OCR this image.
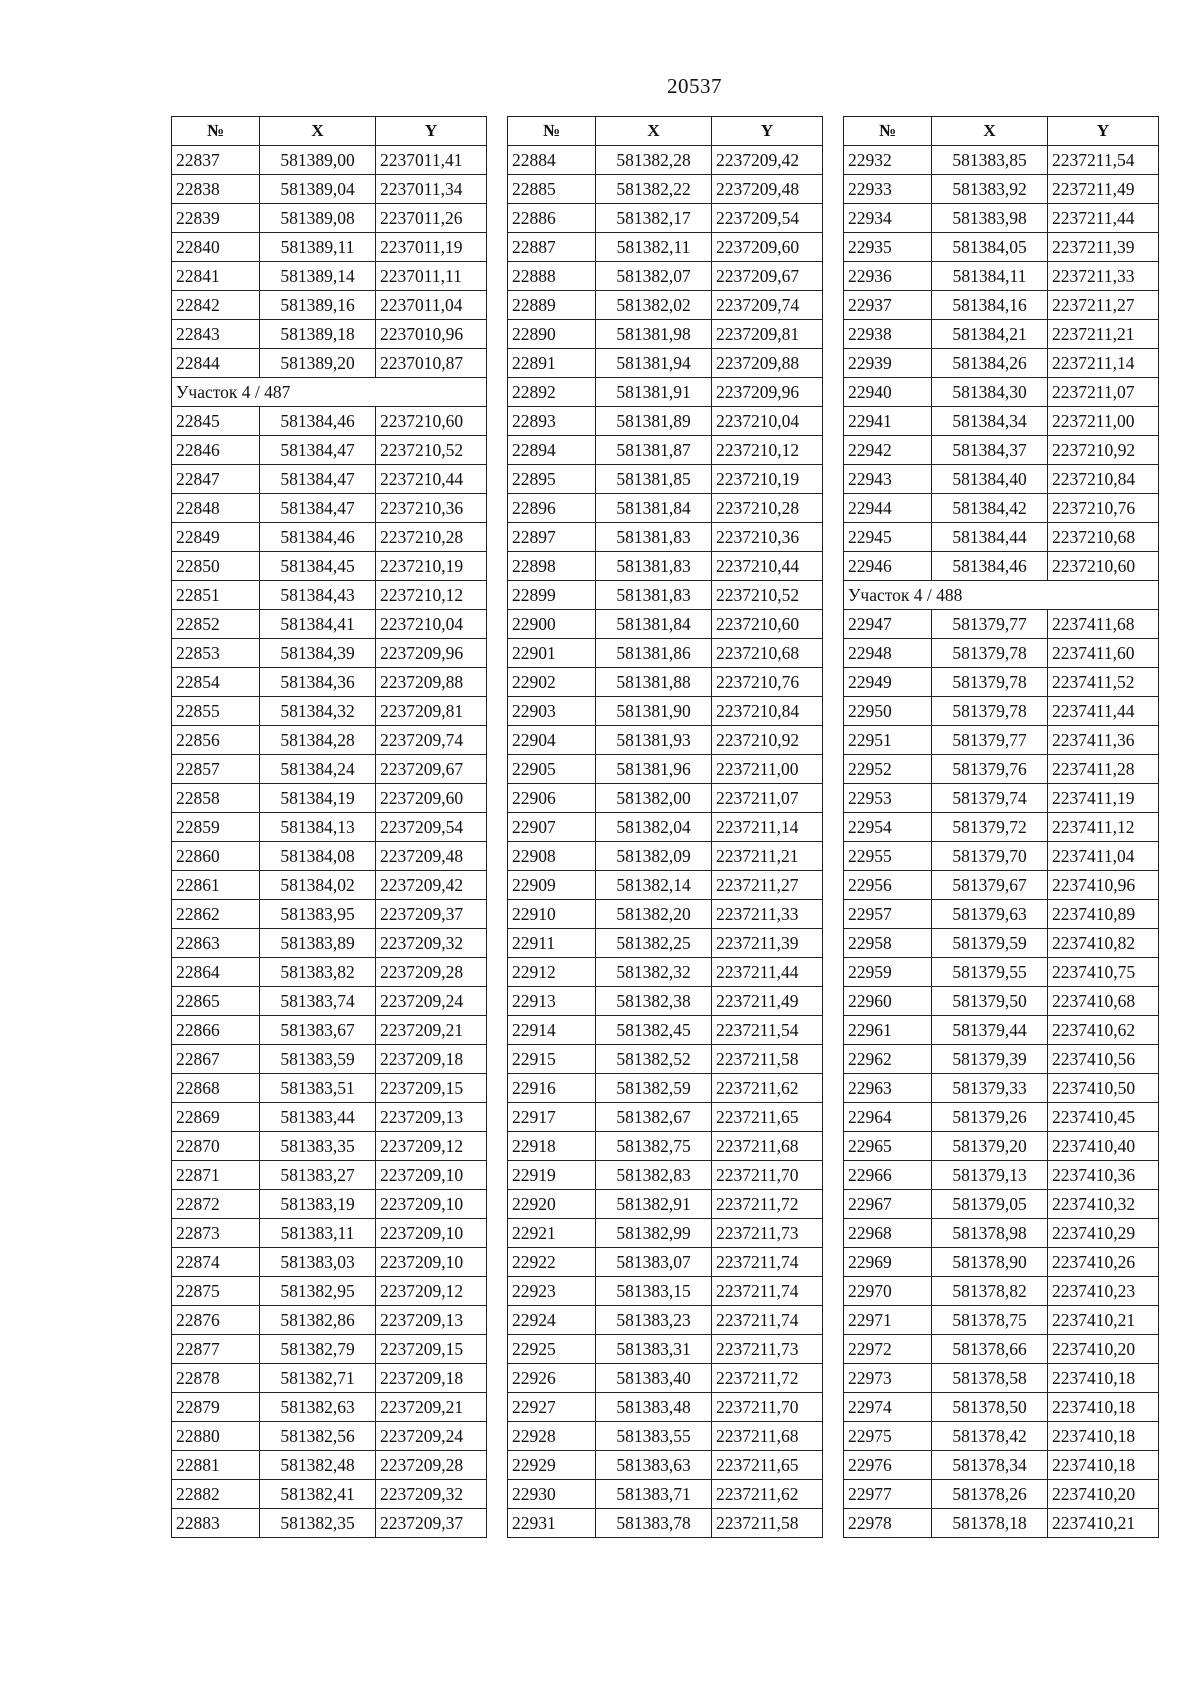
20537
№	X	Y
22837	581389,00	2237011,41
22838	581389,04	2237011,34
22839	581389,08	2237011,26
22840	581389,11	2237011,19
22841	581389,14	2237011,11
22842	581389,16	2237011,04
22843	581389,18	2237010,96
22844	581389,20	2237010,87
Участок 4 / 487		
22845	581384,46	2237210,60
22846	581384,47	2237210,52
22847	581384,47	2237210,44
22848	581384,47	2237210,36
22849	581384,46	2237210,28
22850	581384,45	2237210,19
22851	581384,43	2237210,12
22852	581384,41	2237210,04
22853	581384,39	2237209,96
22854	581384,36	2237209,88
22855	581384,32	2237209,81
22856	581384,28	2237209,74
22857	581384,24	2237209,67
22858	581384,19	2237209,60
22859	581384,13	2237209,54
22860	581384,08	2237209,48
22861	581384,02	2237209,42
22862	581383,95	2237209,37
22863	581383,89	2237209,32
22864	581383,82	2237209,28
22865	581383,74	2237209,24
22866	581383,67	2237209,21
22867	581383,59	2237209,18
22868	581383,51	2237209,15
22869	581383,44	2237209,13
22870	581383,35	2237209,12
22871	581383,27	2237209,10
22872	581383,19	2237209,10
22873	581383,11	2237209,10
22874	581383,03	2237209,10
22875	581382,95	2237209,12
22876	581382,86	2237209,13
22877	581382,79	2237209,15
22878	581382,71	2237209,18
22879	581382,63	2237209,21
22880	581382,56	2237209,24
22881	581382,48	2237209,28
22882	581382,41	2237209,32
22883	581382,35	2237209,37
№	X	Y
22884	581382,28	2237209,42
22885	581382,22	2237209,48
22886	581382,17	2237209,54
22887	581382,11	2237209,60
22888	581382,07	2237209,67
22889	581382,02	2237209,74
22890	581381,98	2237209,81
22891	581381,94	2237209,88
22892	581381,91	2237209,96
22893	581381,89	2237210,04
22894	581381,87	2237210,12
22895	581381,85	2237210,19
22896	581381,84	2237210,28
22897	581381,83	2237210,36
22898	581381,83	2237210,44
22899	581381,83	2237210,52
22900	581381,84	2237210,60
22901	581381,86	2237210,68
22902	581381,88	2237210,76
22903	581381,90	2237210,84
22904	581381,93	2237210,92
22905	581381,96	2237211,00
22906	581382,00	2237211,07
22907	581382,04	2237211,14
22908	581382,09	2237211,21
22909	581382,14	2237211,27
22910	581382,20	2237211,33
22911	581382,25	2237211,39
22912	581382,32	2237211,44
22913	581382,38	2237211,49
22914	581382,45	2237211,54
22915	581382,52	2237211,58
22916	581382,59	2237211,62
22917	581382,67	2237211,65
22918	581382,75	2237211,68
22919	581382,83	2237211,70
22920	581382,91	2237211,72
22921	581382,99	2237211,73
22922	581383,07	2237211,74
22923	581383,15	2237211,74
22924	581383,23	2237211,74
22925	581383,31	2237211,73
22926	581383,40	2237211,72
22927	581383,48	2237211,70
22928	581383,55	2237211,68
22929	581383,63	2237211,65
22930	581383,71	2237211,62
22931	581383,78	2237211,58
№	X	Y
22932	581383,85	2237211,54
22933	581383,92	2237211,49
22934	581383,98	2237211,44
22935	581384,05	2237211,39
22936	581384,11	2237211,33
22937	581384,16	2237211,27
22938	581384,21	2237211,21
22939	581384,26	2237211,14
22940	581384,30	2237211,07
22941	581384,34	2237211,00
22942	581384,37	2237210,92
22943	581384,40	2237210,84
22944	581384,42	2237210,76
22945	581384,44	2237210,68
22946	581384,46	2237210,60
Участок 4 / 488		
22947	581379,77	2237411,68
22948	581379,78	2237411,60
22949	581379,78	2237411,52
22950	581379,78	2237411,44
22951	581379,77	2237411,36
22952	581379,76	2237411,28
22953	581379,74	2237411,19
22954	581379,72	2237411,12
22955	581379,70	2237411,04
22956	581379,67	2237410,96
22957	581379,63	2237410,89
22958	581379,59	2237410,82
22959	581379,55	2237410,75
22960	581379,50	2237410,68
22961	581379,44	2237410,62
22962	581379,39	2237410,56
22963	581379,33	2237410,50
22964	581379,26	2237410,45
22965	581379,20	2237410,40
22966	581379,13	2237410,36
22967	581379,05	2237410,32
22968	581378,98	2237410,29
22969	581378,90	2237410,26
22970	581378,82	2237410,23
22971	581378,75	2237410,21
22972	581378,66	2237410,20
22973	581378,58	2237410,18
22974	581378,50	2237410,18
22975	581378,42	2237410,18
22976	581378,34	2237410,18
22977	581378,26	2237410,20
22978	581378,18	2237410,21
